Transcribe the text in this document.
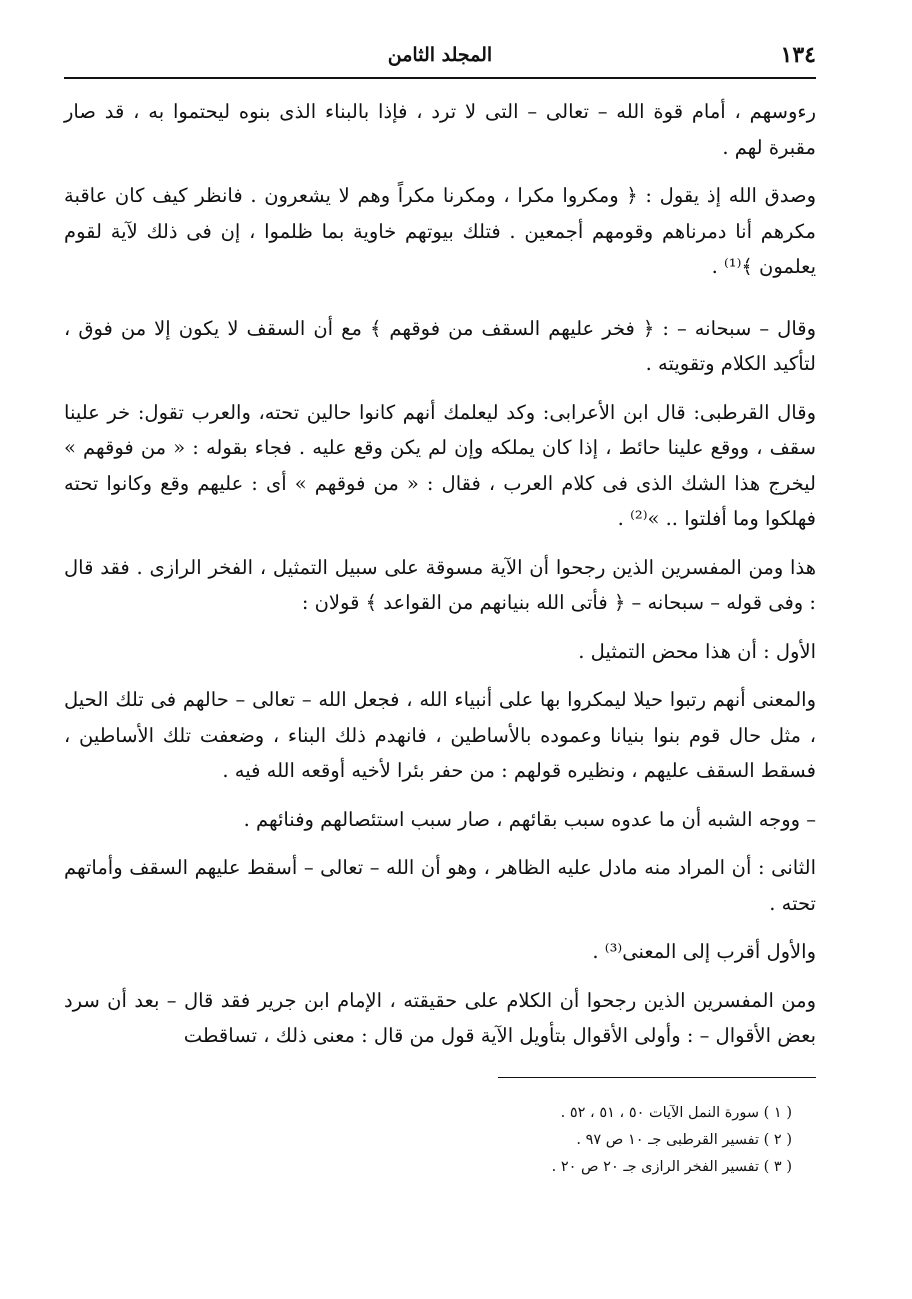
١٣٤
المجلد الثامن

رءوسهم ، أمام قوة الله – تعالى – التى لا ترد ، فإذا بالبناء الذى بنوه ليحتموا به ، قد صار مقبرة لهم .

وصدق الله إذ يقول : ﴿ ومكروا مكرا ، ومكرنا مكراً وهم لا يشعرون . فانظر كيف كان عاقبة مكرهم أنا دمرناهم وقومهم أجمعين . فتلك بيوتهم خاوية بما ظلموا ، إن فى ذلك لآية لقوم يعلمون ﴾⁽¹⁾ .

وقال – سبحانه – : ﴿ فخر عليهم السقف من فوقهم ﴾ مع أن السقف لا يكون إلا من فوق ، لتأكيد الكلام وتقويته .

وقال القرطبى: قال ابن الأعرابى: وكد ليعلمك أنهم كانوا حالين تحته، والعرب تقول: خر علينا سقف ، ووقع علينا حائط ، إذا كان يملكه وإن لم يكن وقع عليه . فجاء بقوله : « من فوقهم » ليخرج هذا الشك الذى فى كلام العرب ، فقال : « من فوقهم » أى : عليهم وقع وكانوا تحته فهلكوا وما أفلتوا .. »⁽²⁾ .

هذا ومن المفسرين الذين رجحوا أن الآية مسوقة على سبيل التمثيل ، الفخر الرازى . فقد قال : وفى قوله – سبحانه – ﴿ فأتى الله بنيانهم من القواعد ﴾ قولان :

الأول : أن هذا محض التمثيل .

والمعنى أنهم رتبوا حيلا ليمكروا بها على أنبياء الله ، فجعل الله – تعالى – حالهم فى تلك الحيل ، مثل حال قوم بنوا بنيانا وعموده بالأساطين ، فانهدم ذلك البناء ، وضعفت تلك الأساطين ، فسقط السقف عليهم ، ونظيره قولهم : من حفر بئرا لأخيه أوقعه الله فيه .

– ووجه الشبه أن ما عدوه سبب بقائهم ، صار سبب استئصالهم وفنائهم .

الثانى : أن المراد منه مادل عليه الظاهر ، وهو أن الله – تعالى – أسقط عليهم السقف وأماتهم تحته .

والأول أقرب إلى المعنى⁽³⁾ .

ومن المفسرين الذين رجحوا أن الكلام على حقيقته ، الإمام ابن جرير فقد قال – بعد أن سرد بعض الأقوال – : وأولى الأقوال بتأويل الآية قول من قال : معنى ذلك ، تساقطت

( ١ ) سورة النمل الآيات ٥٠ ، ٥١ ، ٥٢ .

( ٢ ) تفسير القرطبى جـ ١٠ ص ٩٧ .

( ٣ ) تفسير الفخر الرازى جـ ٢٠ ص ٢٠ .
